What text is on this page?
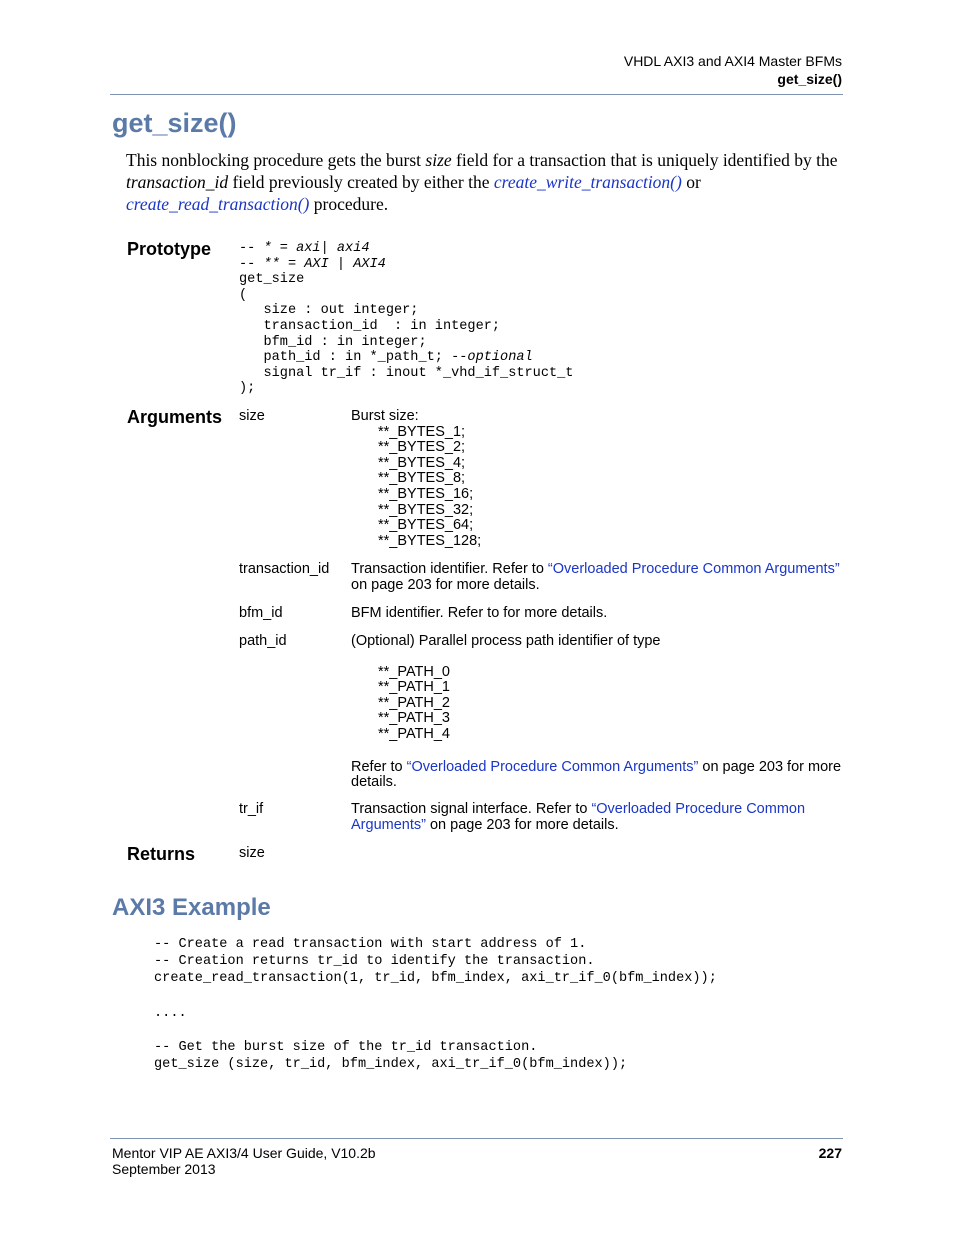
VHDL AXI3 and AXI4 Master BFMs
get_size()
get_size()
This nonblocking procedure gets the burst size field for a transaction that is uniquely identified by the transaction_id field previously created by either the create_write_transaction() or create_read_transaction() procedure.
Prototype -- * = axi| axi4
-- ** = AXI | AXI4
get_size
(
size : out integer;
transaction_id  : in integer;
bfm_id : in integer;
path_id : in *_path_t; --optional
signal tr_if : inout *_vhd_if_struct_t
);
Arguments size	Burst size:
**_BYTES_1;
**_BYTES_2;
**_BYTES_4;
**_BYTES_8;
**_BYTES_16;
**_BYTES_32;
**_BYTES_64;
**_BYTES_128;
transaction_id Transaction identifier. Refer to “Overloaded Procedure Common Arguments” on page 203 for more details.
bfm_id	BFM identifier. Refer to for more details.
path_id	(Optional) Parallel process path identifier of type
**_PATH_0
**_PATH_1
**_PATH_2
**_PATH_3
**_PATH_4
Refer to “Overloaded Procedure Common Arguments” on page 203 for more details.
tr_if	Transaction signal interface. Refer to “Overloaded Procedure Common Arguments” on page 203 for more details.
Returns	size
AXI3 Example
-- Create a read transaction with start address of 1.
-- Creation returns tr_id to identify the transaction.
create_read_transaction(1, tr_id, bfm_index, axi_tr_if_0(bfm_index));

....

-- Get the burst size of the tr_id transaction.
get_size (size, tr_id, bfm_index, axi_tr_if_0(bfm_index));
Mentor VIP AE AXI3/4 User Guide, V10.2b
September 2013
227
